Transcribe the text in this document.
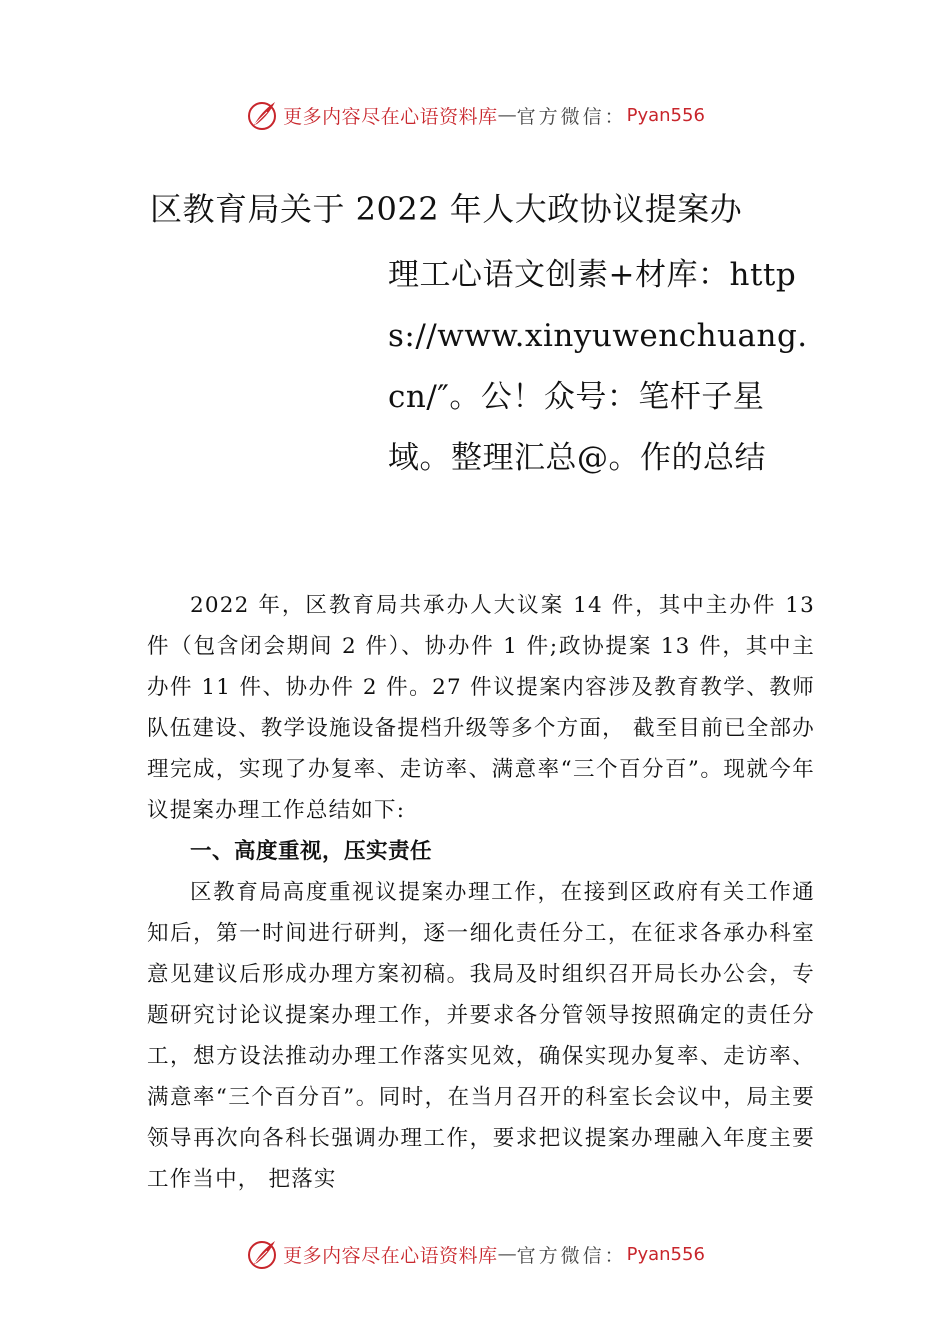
更多内容尽在心语资料库 — 官方微信： Pyan556
区教育局关于 2022 年人大政协议提案办
理工心语文创素+材库：https://www.xinyuwenchuang.cn/″。公！众号：笔杆子星域。整理汇总@。作的总结

2022 年，区教育局共承办人大议案 14 件，其中主办件 13 件（包含闭会期间 2 件）、协办件 1 件;政协提案 13 件，其中主办件 11 件、协办件 2 件。27 件议提案内容涉及教育教学、教师队伍建设、教学设施设备提档升级等多个方面， 截至目前已全部办理完成，实现了办复率、走访率、满意率“三个百分百”。现就今年议提案办理工作总结如下:

一、高度重视，压实责任

区教育局高度重视议提案办理工作，在接到区政府有关工作通知后，第一时间进行研判，逐一细化责任分工，在征求各承办科室意见建议后形成办理方案初稿。我局及时组织召开局长办公会，专题研究讨论议提案办理工作，并要求各分管领导按照确定的责任分工，想方设法推动办理工作落实见效，确保实现办复率、走访率、满意率“三个百分百”。同时，在当月召开的科室长会议中，局主要领导再次向各科长强调办理工作，要求把议提案办理融入年度主要工作当中， 把落实

更多内容尽在心语资料库 — 官方微信： Pyan556
